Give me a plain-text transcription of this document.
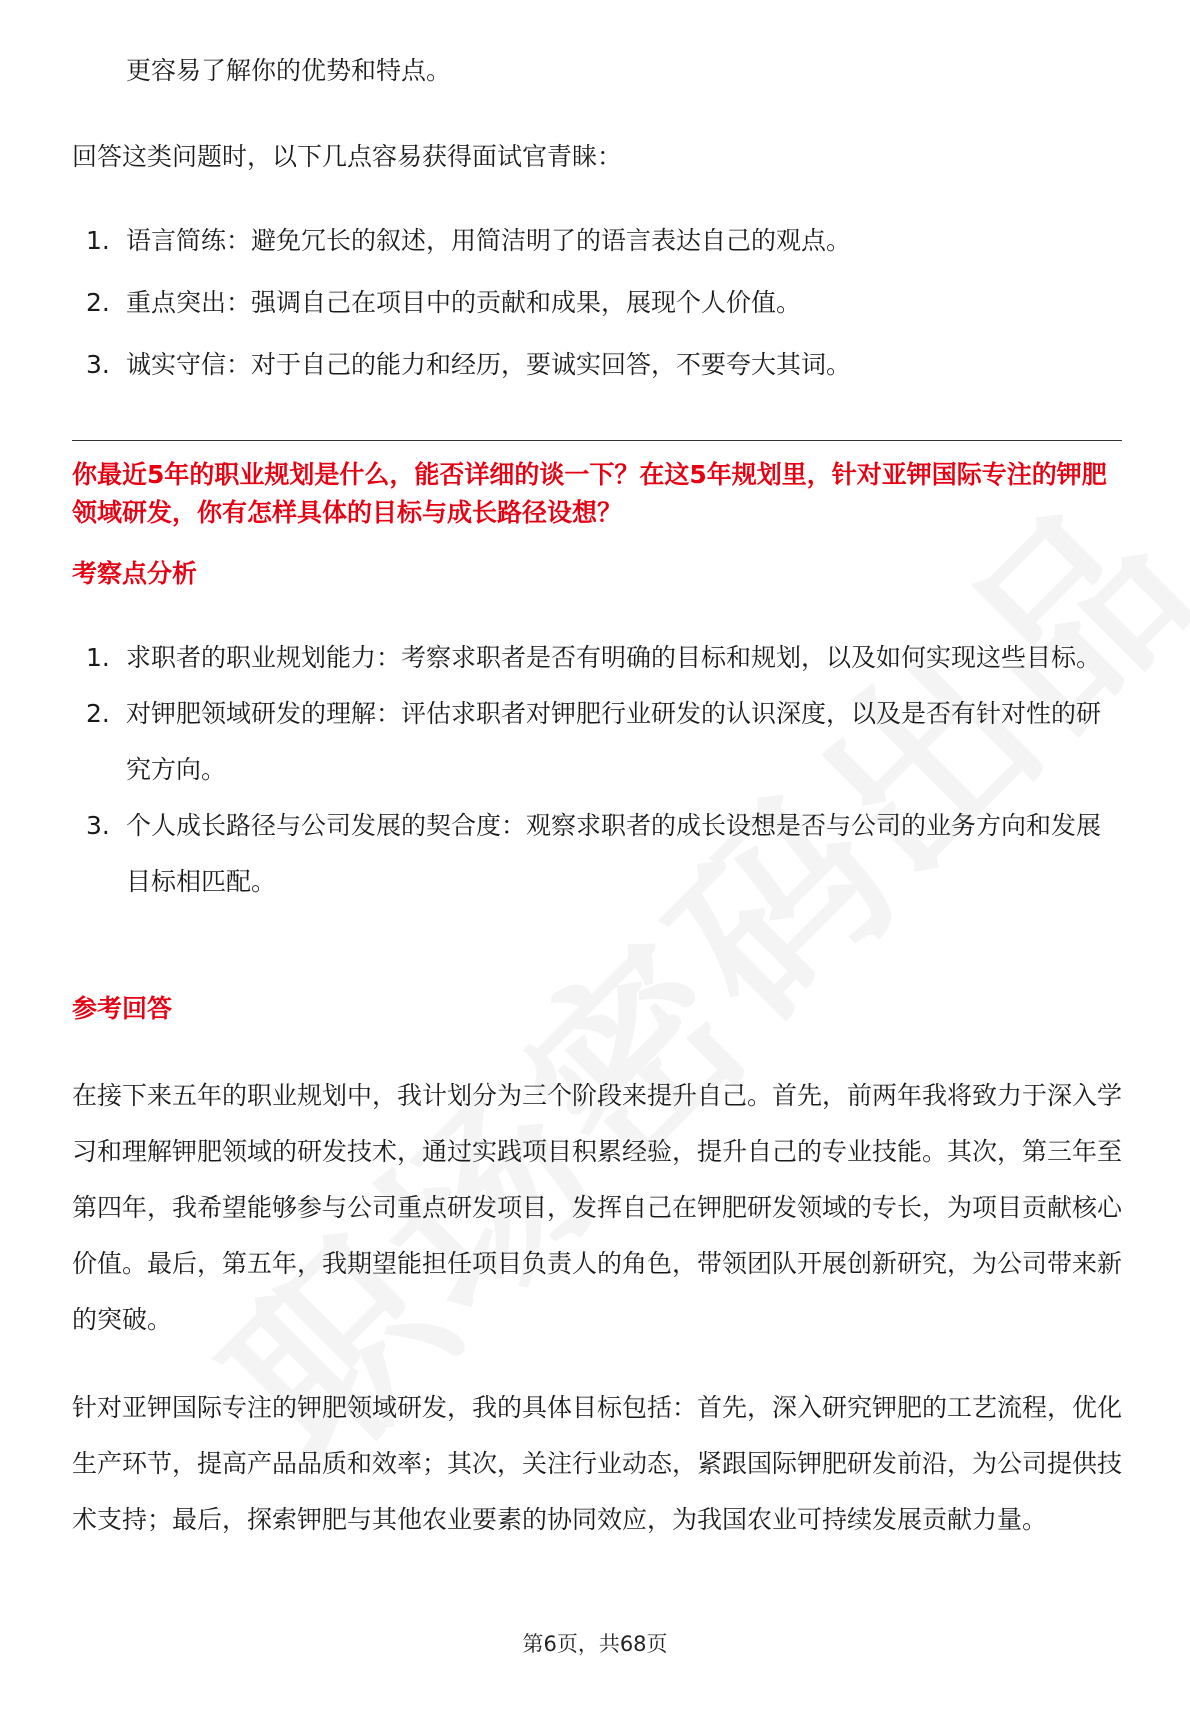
更容易了解你的优势和特点。

回答这类问题时，以下几点容易获得面试官青睐：

1. 语言简练：避免冗长的叙述，用简洁明了的语言表达自己的观点。
2. 重点突出：强调自己在项目中的贡献和成果，展现个人价值。
3. 诚实守信：对于自己的能力和经历，要诚实回答，不要夸大其词。
你最近5年的职业规划是什么，能否详细的谈一下？在这5年规划里，针对亚钾国际专注的钾肥领域研发，你有怎样具体的目标与成长路径设想？
考察点分析
1. 求职者的职业规划能力：考察求职者是否有明确的目标和规划，以及如何实现这些目标。
2. 对钾肥领域研发的理解：评估求职者对钾肥行业研发的认识深度，以及是否有针对性的研究方向。
3. 个人成长路径与公司发展的契合度：观察求职者的成长设想是否与公司的业务方向和发展目标相匹配。
参考回答

在接下来五年的职业规划中，我计划分为三个阶段来提升自己。首先，前两年我将致力于深入学习和理解钾肥领域的研发技术，通过实践项目积累经验，提升自己的专业技能。其次，第三年至第四年，我希望能够参与公司重点研发项目，发挥自己在钾肥研发领域的专长，为项目贡献核心价值。最后，第五年，我期望能担任项目负责人的角色，带领团队开展创新研究，为公司带来新的突破。

针对亚钾国际专注的钾肥领域研发，我的具体目标包括：首先，深入研究钾肥的工艺流程，优化生产环节，提高产品品质和效率；其次，关注行业动态，紧跟国际钾肥研发前沿，为公司提供技术支持；最后，探索钾肥与其他农业要素的协同效应，为我国农业可持续发展贡献力量。

第6页，共68页
